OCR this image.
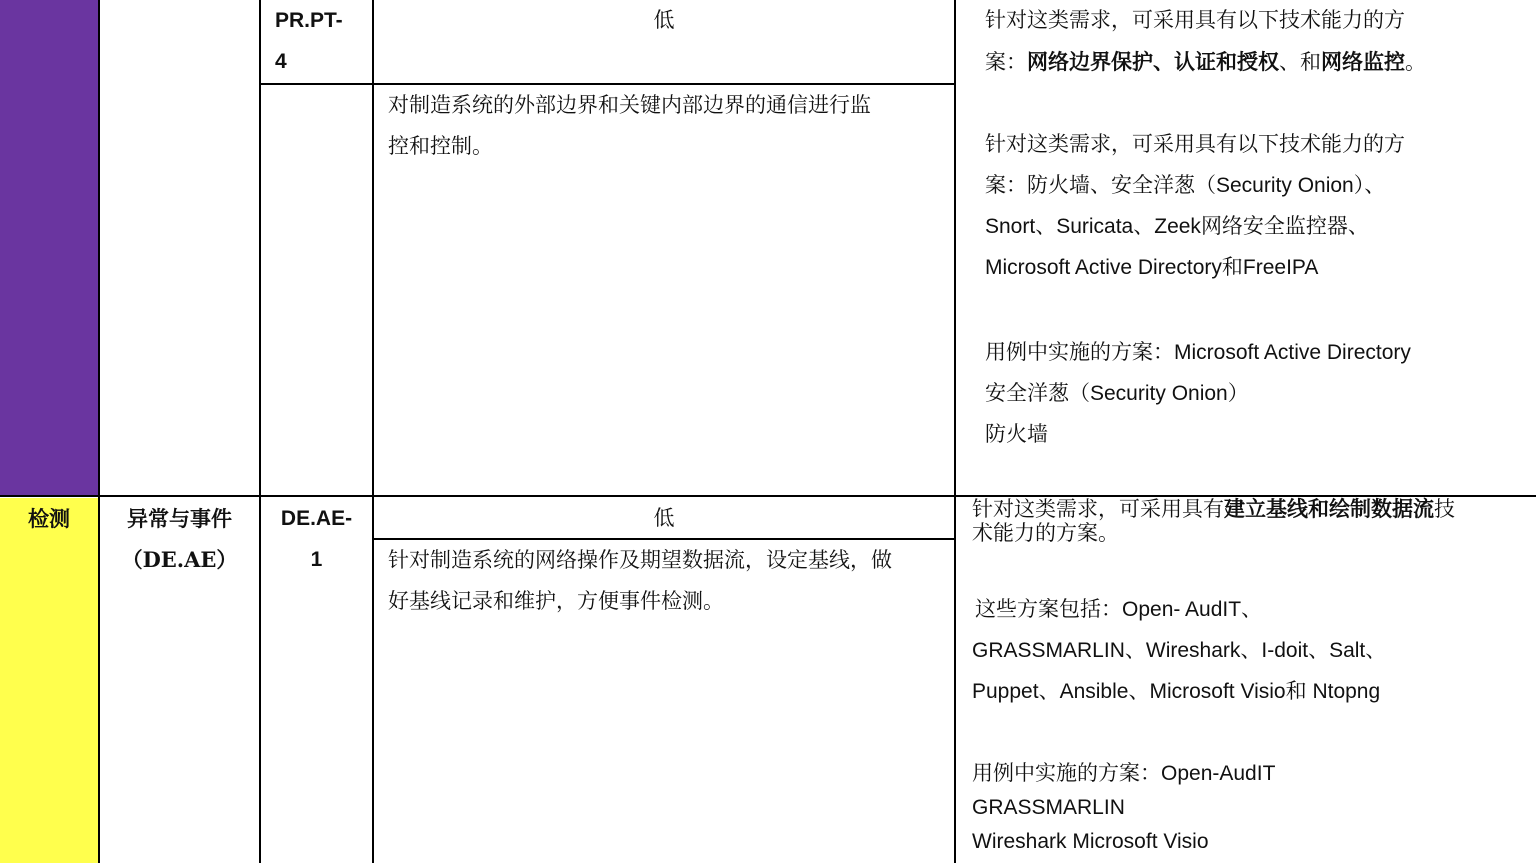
PR.PT-
4
低
对制造系统的外部边界和关键内部边界的通信进行监
控和控制。
针对这类需求，可采用具有以下技术能力的方
案：网络边界保护、认证和授权、和网络监控。
针对这类需求，可采用具有以下技术能力的方
案：防火墙、安全洋葱（Security Onion）、
Snort、Suricata、Zeek网络安全监控器、
Microsoft Active Directory和FreeIPA
用例中实施的方案：Microsoft Active Directory
安全洋葱（Security Onion）
防火墙
检测	异常与事件
（DE.AE）
DE.AE-
1
低
针对制造系统的网络操作及期望数据流，设定基线，做
好基线记录和维护，方便事件检测。
针对这类需求，可采用具有建立基线和绘制数据流技
术能力的方案。
这些方案包括：Open- AudIT、
GRASSMARLIN、Wireshark、I-doit、Salt、
Puppet、Ansible、Microsoft Visio和 Ntopng
用例中实施的方案：Open-AudIT
GRASSMARLIN
Wireshark Microsoft Visio
